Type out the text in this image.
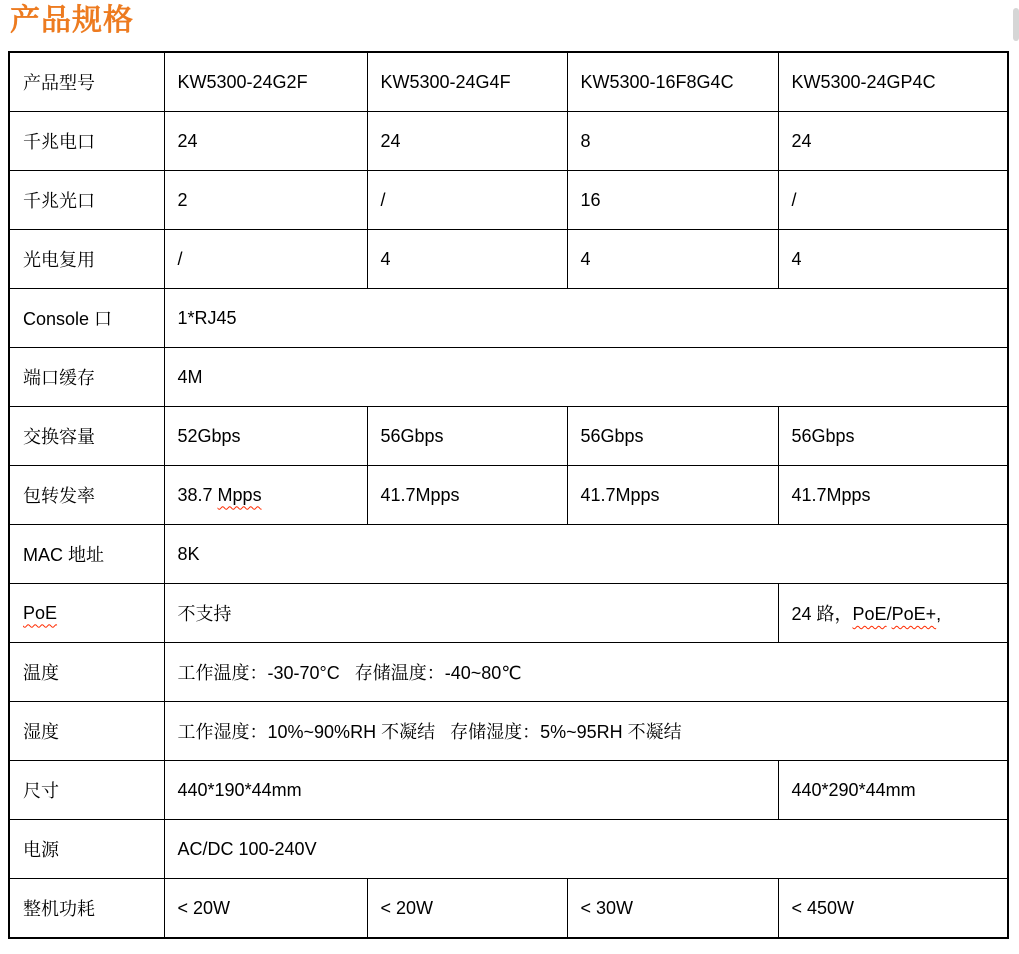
产品规格
产品型号	KW5300-24G2F	KW5300-24G4F	KW5300-16F8G4C	KW5300-24GP4C
千兆电口	24	24	8	24
千兆光口	2	/	16	/
光电复用	/	4	4	4
Console 口	1*RJ45			
端口缓存	4M			
交换容量	52Gbps	56Gbps	56Gbps	56Gbps
包转发率	38.7 Mpps	41.7Mpps	41.7Mpps	41.7Mpps
MAC 地址	8K			
PoE	不支持			24 路，PoE/PoE+,
温度	工作温度：-30-70°C   存储温度：-40~80℃			
湿度	工作湿度：10%~90%RH 不凝结   存储湿度：5%~95RH 不凝结			
尺寸	440*190*44mm			440*290*44mm
电源	AC/DC 100-240V			
整机功耗	< 20W	< 20W	< 30W	< 450W
